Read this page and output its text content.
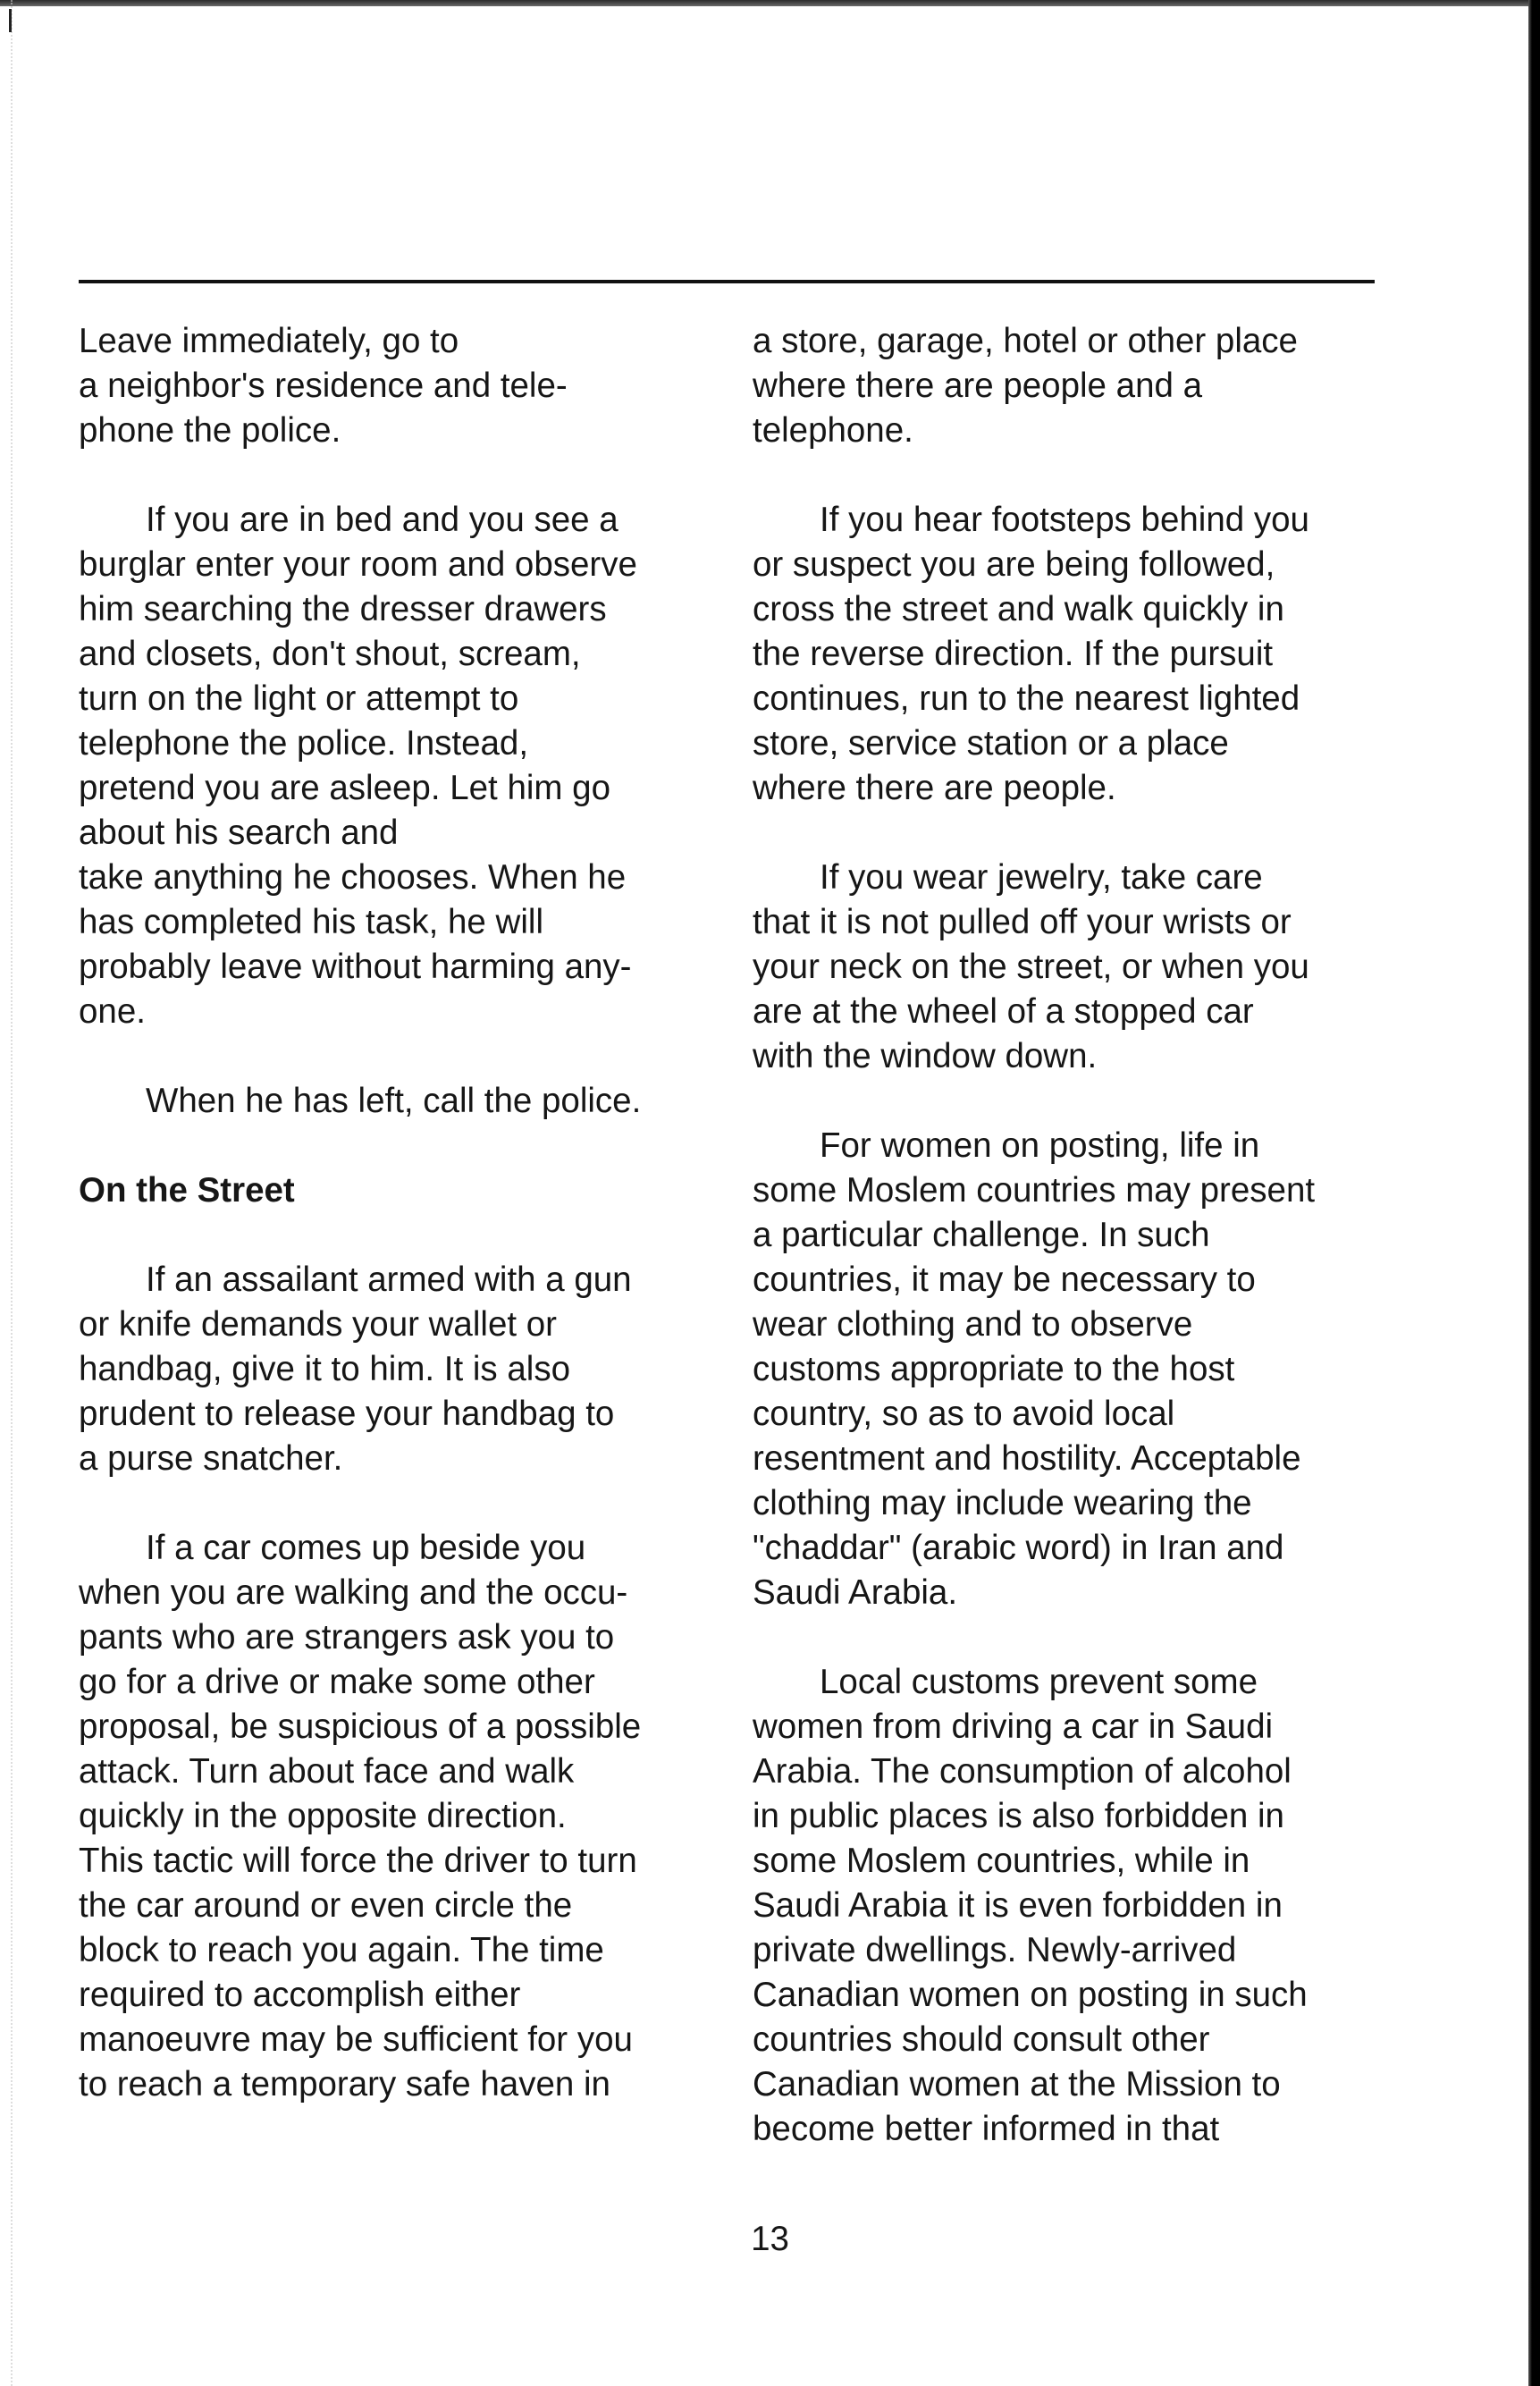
Leave immediately, go to
a neighbor's residence and tele-
phone the police.

If you are in bed and you see a
burglar enter your room and observe
him searching the dresser drawers
and closets, don't shout, scream,
turn on the light or attempt to
telephone the police. Instead,
pretend you are asleep. Let him go
about his search and
take anything he chooses. When he
has completed his task, he will
probably leave without harming any-
one.

When he has left, call the police.

On the Street

If an assailant armed with a gun
or knife demands your wallet or
handbag, give it to him. It is also
prudent to release your handbag to
a purse snatcher.

If a car comes up beside you
when you are walking and the occu-
pants who are strangers ask you to
go for a drive or make some other
proposal, be suspicious of a possible
attack. Turn about face and walk
quickly in the opposite direction.
This tactic will force the driver to turn
the car around or even circle the
block to reach you again. The time
required to accomplish either
manoeuvre may be sufficient for you
to reach a temporary safe haven in

a store, garage, hotel or other place
where there are people and a
telephone.

If you hear footsteps behind you
or suspect you are being followed,
cross the street and walk quickly in
the reverse direction. If the pursuit
continues, run to the nearest lighted
store, service station or a place
where there are people.

If you wear jewelry, take care
that it is not pulled off your wrists or
your neck on the street, or when you
are at the wheel of a stopped car
with the window down.

For women on posting, life in
some Moslem countries may present
a particular challenge. In such
countries, it may be necessary to
wear clothing and to observe
customs appropriate to the host
country, so as to avoid local
resentment and hostility. Acceptable
clothing may include wearing the
"chaddar" (arabic word) in Iran and
Saudi Arabia.

Local customs prevent some
women from driving a car in Saudi
Arabia. The consumption of alcohol
in public places is also forbidden in
some Moslem countries, while in
Saudi Arabia it is even forbidden in
private dwellings. Newly-arrived
Canadian women on posting in such
countries should consult other
Canadian women at the Mission to
become better informed in that

13
